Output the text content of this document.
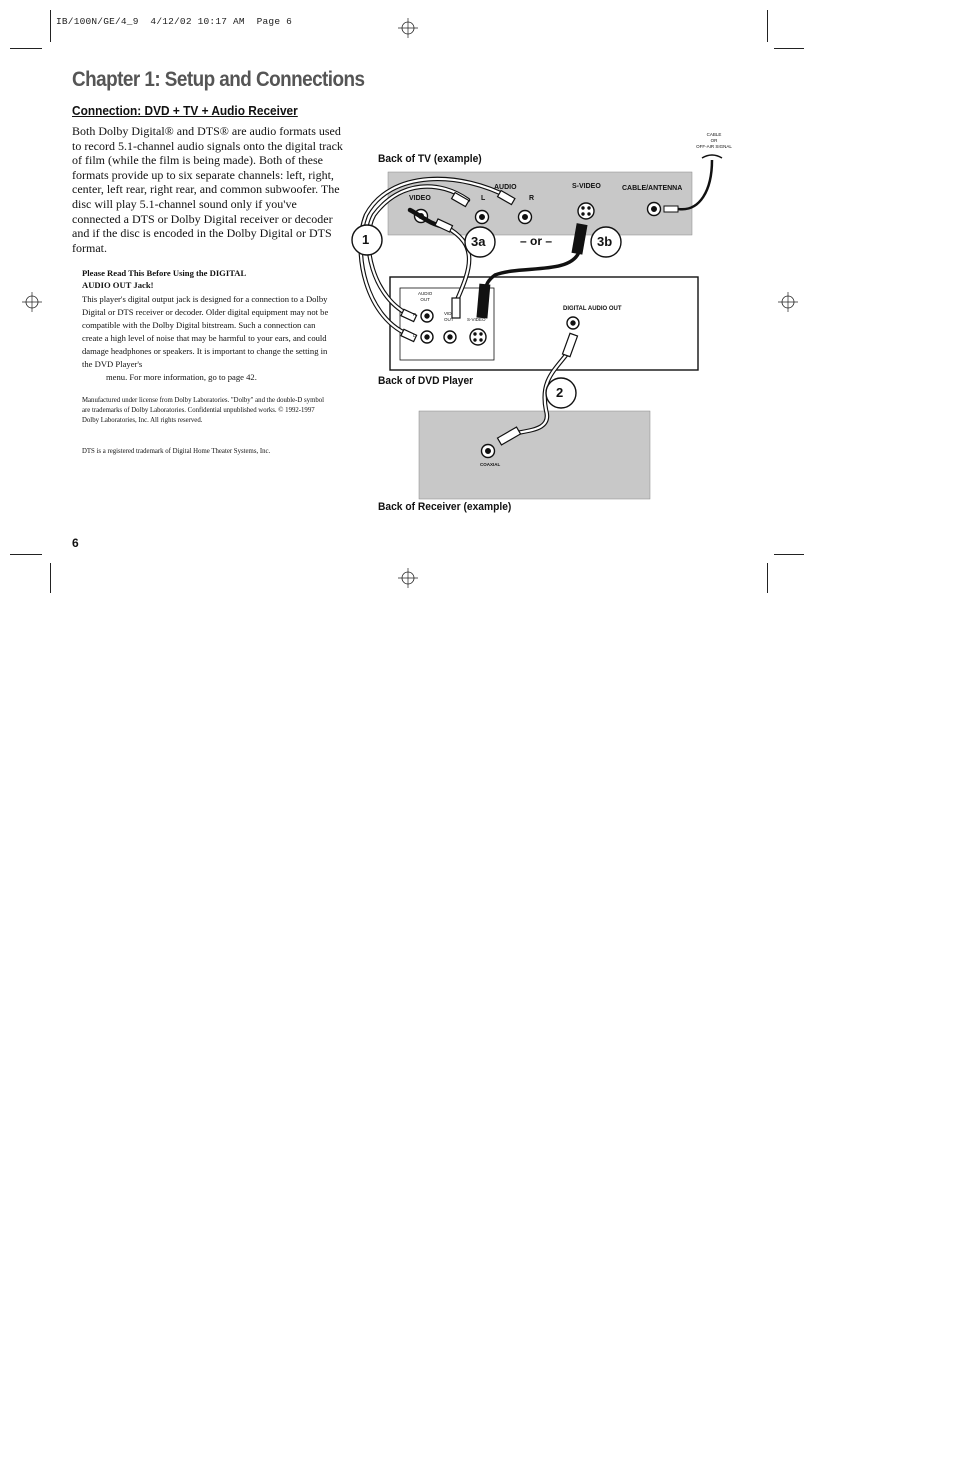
IB/100N/GE/4_9  4/12/02 10:17 AM  Page 6
Chapter 1: Setup and Connections
Connection: DVD + TV + Audio Receiver
Both Dolby Digital® and DTS® are audio formats used to record 5.1-channel audio signals onto the digital track of film (while the film is being made). Both of these formats provide up to six separate channels: left, right, center, left rear, right rear, and common subwoofer. The disc will play 5.1-channel sound only if you've connected a DTS or Dolby Digital receiver or decoder and if the disc is encoded in the Dolby Digital or DTS format.
Please Read This Before Using the DIGITAL
AUDIO OUT Jack!
This player's digital output jack is designed for a connection to a Dolby Digital or DTS receiver or decoder. Older digital equipment may not be compatible with the Dolby Digital bitstream. Such a connection can create a high level of noise that may be harmful to your ears, and could damage headphones or speakers. It is important to change the setting in the DVD Player's
menu. For more information, go to page 42.
Manufactured under license from Dolby Laboratories. "Dolby" and the double-D symbol are trademarks of Dolby Laboratories. Confidential unpublished works. © 1992-1997 Dolby Laboratories, Inc. All rights reserved.
DTS is a registered trademark of Digital Home Theater Systems, Inc.
6
Back of TV (example)
Back of DVD Player
Back of Receiver (example)
CABLE
OR
OFF-AIR SIGNAL
VIDEO
AUDIO
L	R
S-VIDEO	CABLE/ANTENNA
AUDIO
OUT
R
L
VID
OUT	S-VIDEO
DIGITAL AUDIO OUT
COAXIAL
1	3a	3b
2
– or –
